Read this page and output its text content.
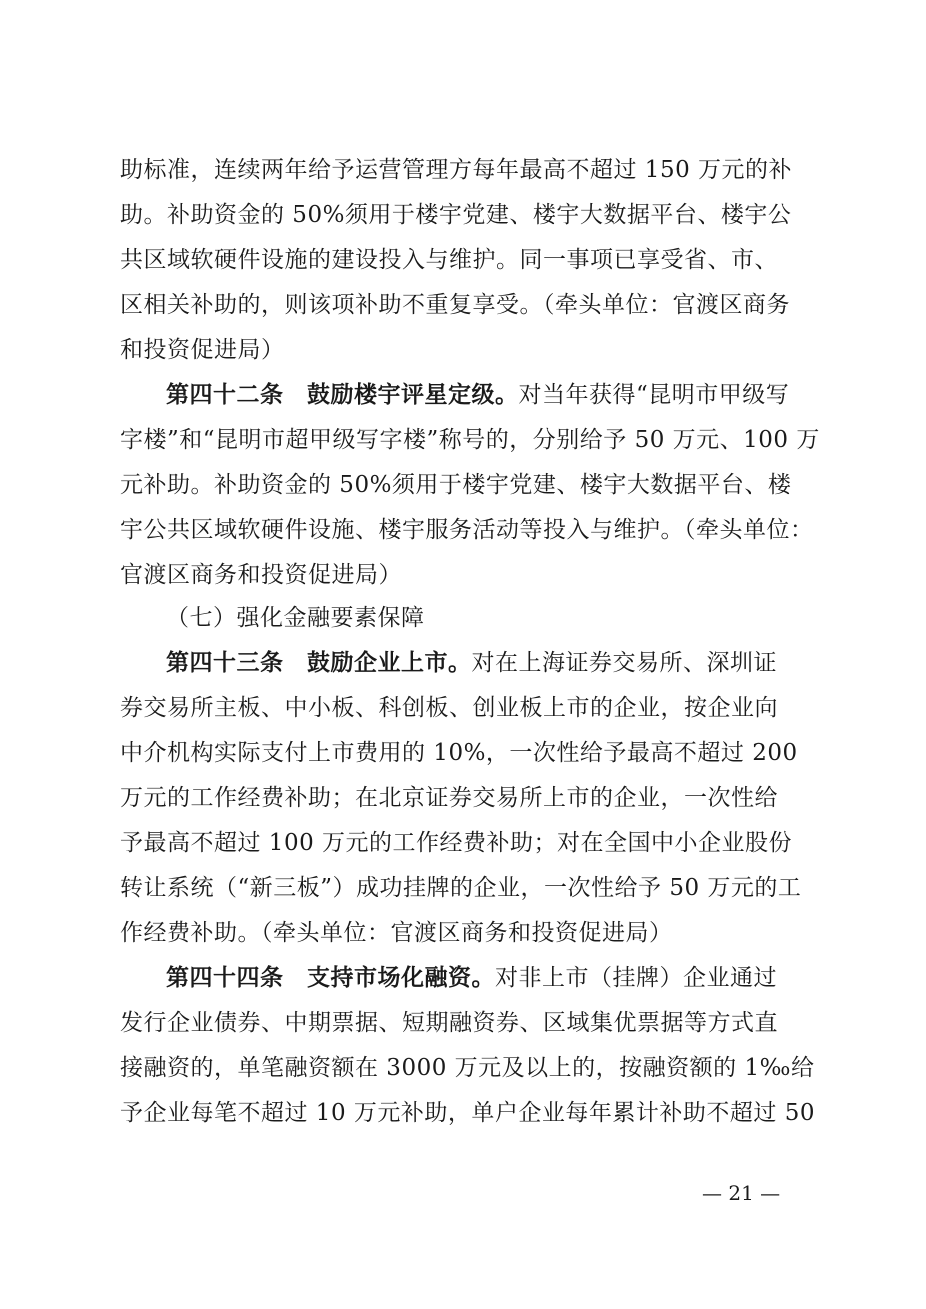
助标准，连续两年给予运营管理方每年最高不超过 150 万元的补
助。补助资金的 50%须用于楼宇党建、楼宇大数据平台、楼宇公
共区域软硬件设施的建设投入与维护。同一事项已享受省、市、
区相关补助的，则该项补助不重复享受。（牵头单位：官渡区商务
和投资促进局）
第四十二条　鼓励楼宇评星定级。对当年获得“昆明市甲级写
字楼”和“昆明市超甲级写字楼”称号的，分别给予 50 万元、100 万
元补助。补助资金的 50%须用于楼宇党建、楼宇大数据平台、楼
宇公共区域软硬件设施、楼宇服务活动等投入与维护。（牵头单位：
官渡区商务和投资促进局）
（七）强化金融要素保障
第四十三条　鼓励企业上市。对在上海证券交易所、深圳证
券交易所主板、中小板、科创板、创业板上市的企业，按企业向
中介机构实际支付上市费用的 10%，一次性给予最高不超过 200
万元的工作经费补助；在北京证券交易所上市的企业，一次性给
予最高不超过 100 万元的工作经费补助；对在全国中小企业股份
转让系统（“新三板”）成功挂牌的企业，一次性给予 50 万元的工
作经费补助。（牵头单位：官渡区商务和投资促进局）
第四十四条　支持市场化融资。对非上市（挂牌）企业通过
发行企业债券、中期票据、短期融资券、区域集优票据等方式直
接融资的，单笔融资额在 3000 万元及以上的，按融资额的 1‰给
予企业每笔不超过 10 万元补助，单户企业每年累计补助不超过 50
— 21 —
